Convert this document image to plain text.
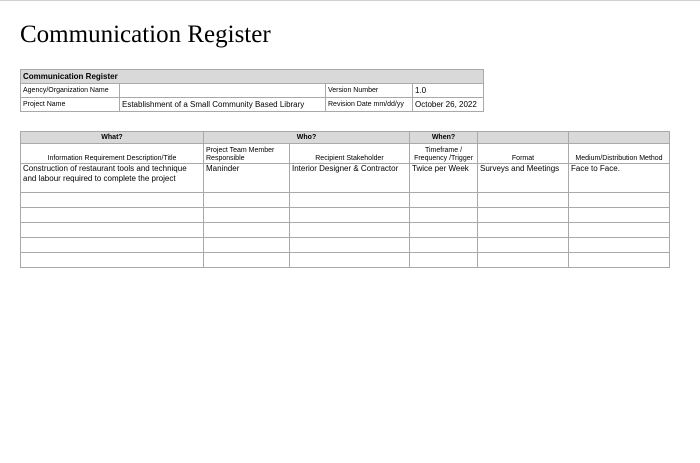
Communication Register
Communication Register			
Agency/Organization Name		Version Number	1.0
Project Name	Establishment of a Small Community Based Library	Revision Date mm/dd/yy	October 26, 2022
What?	Who?		When?		
Information Requirement Description/Title	Project Team Member Responsible	Recipient Stakeholder	Timeframe / Frequency /Trigger	Format	Medium/Distribution Method
Construction of restaurant tools and technique and labour required to complete the project	Maninder	Interior Designer & Contractor	Twice per Week	Surveys and Meetings	Face to Face.
